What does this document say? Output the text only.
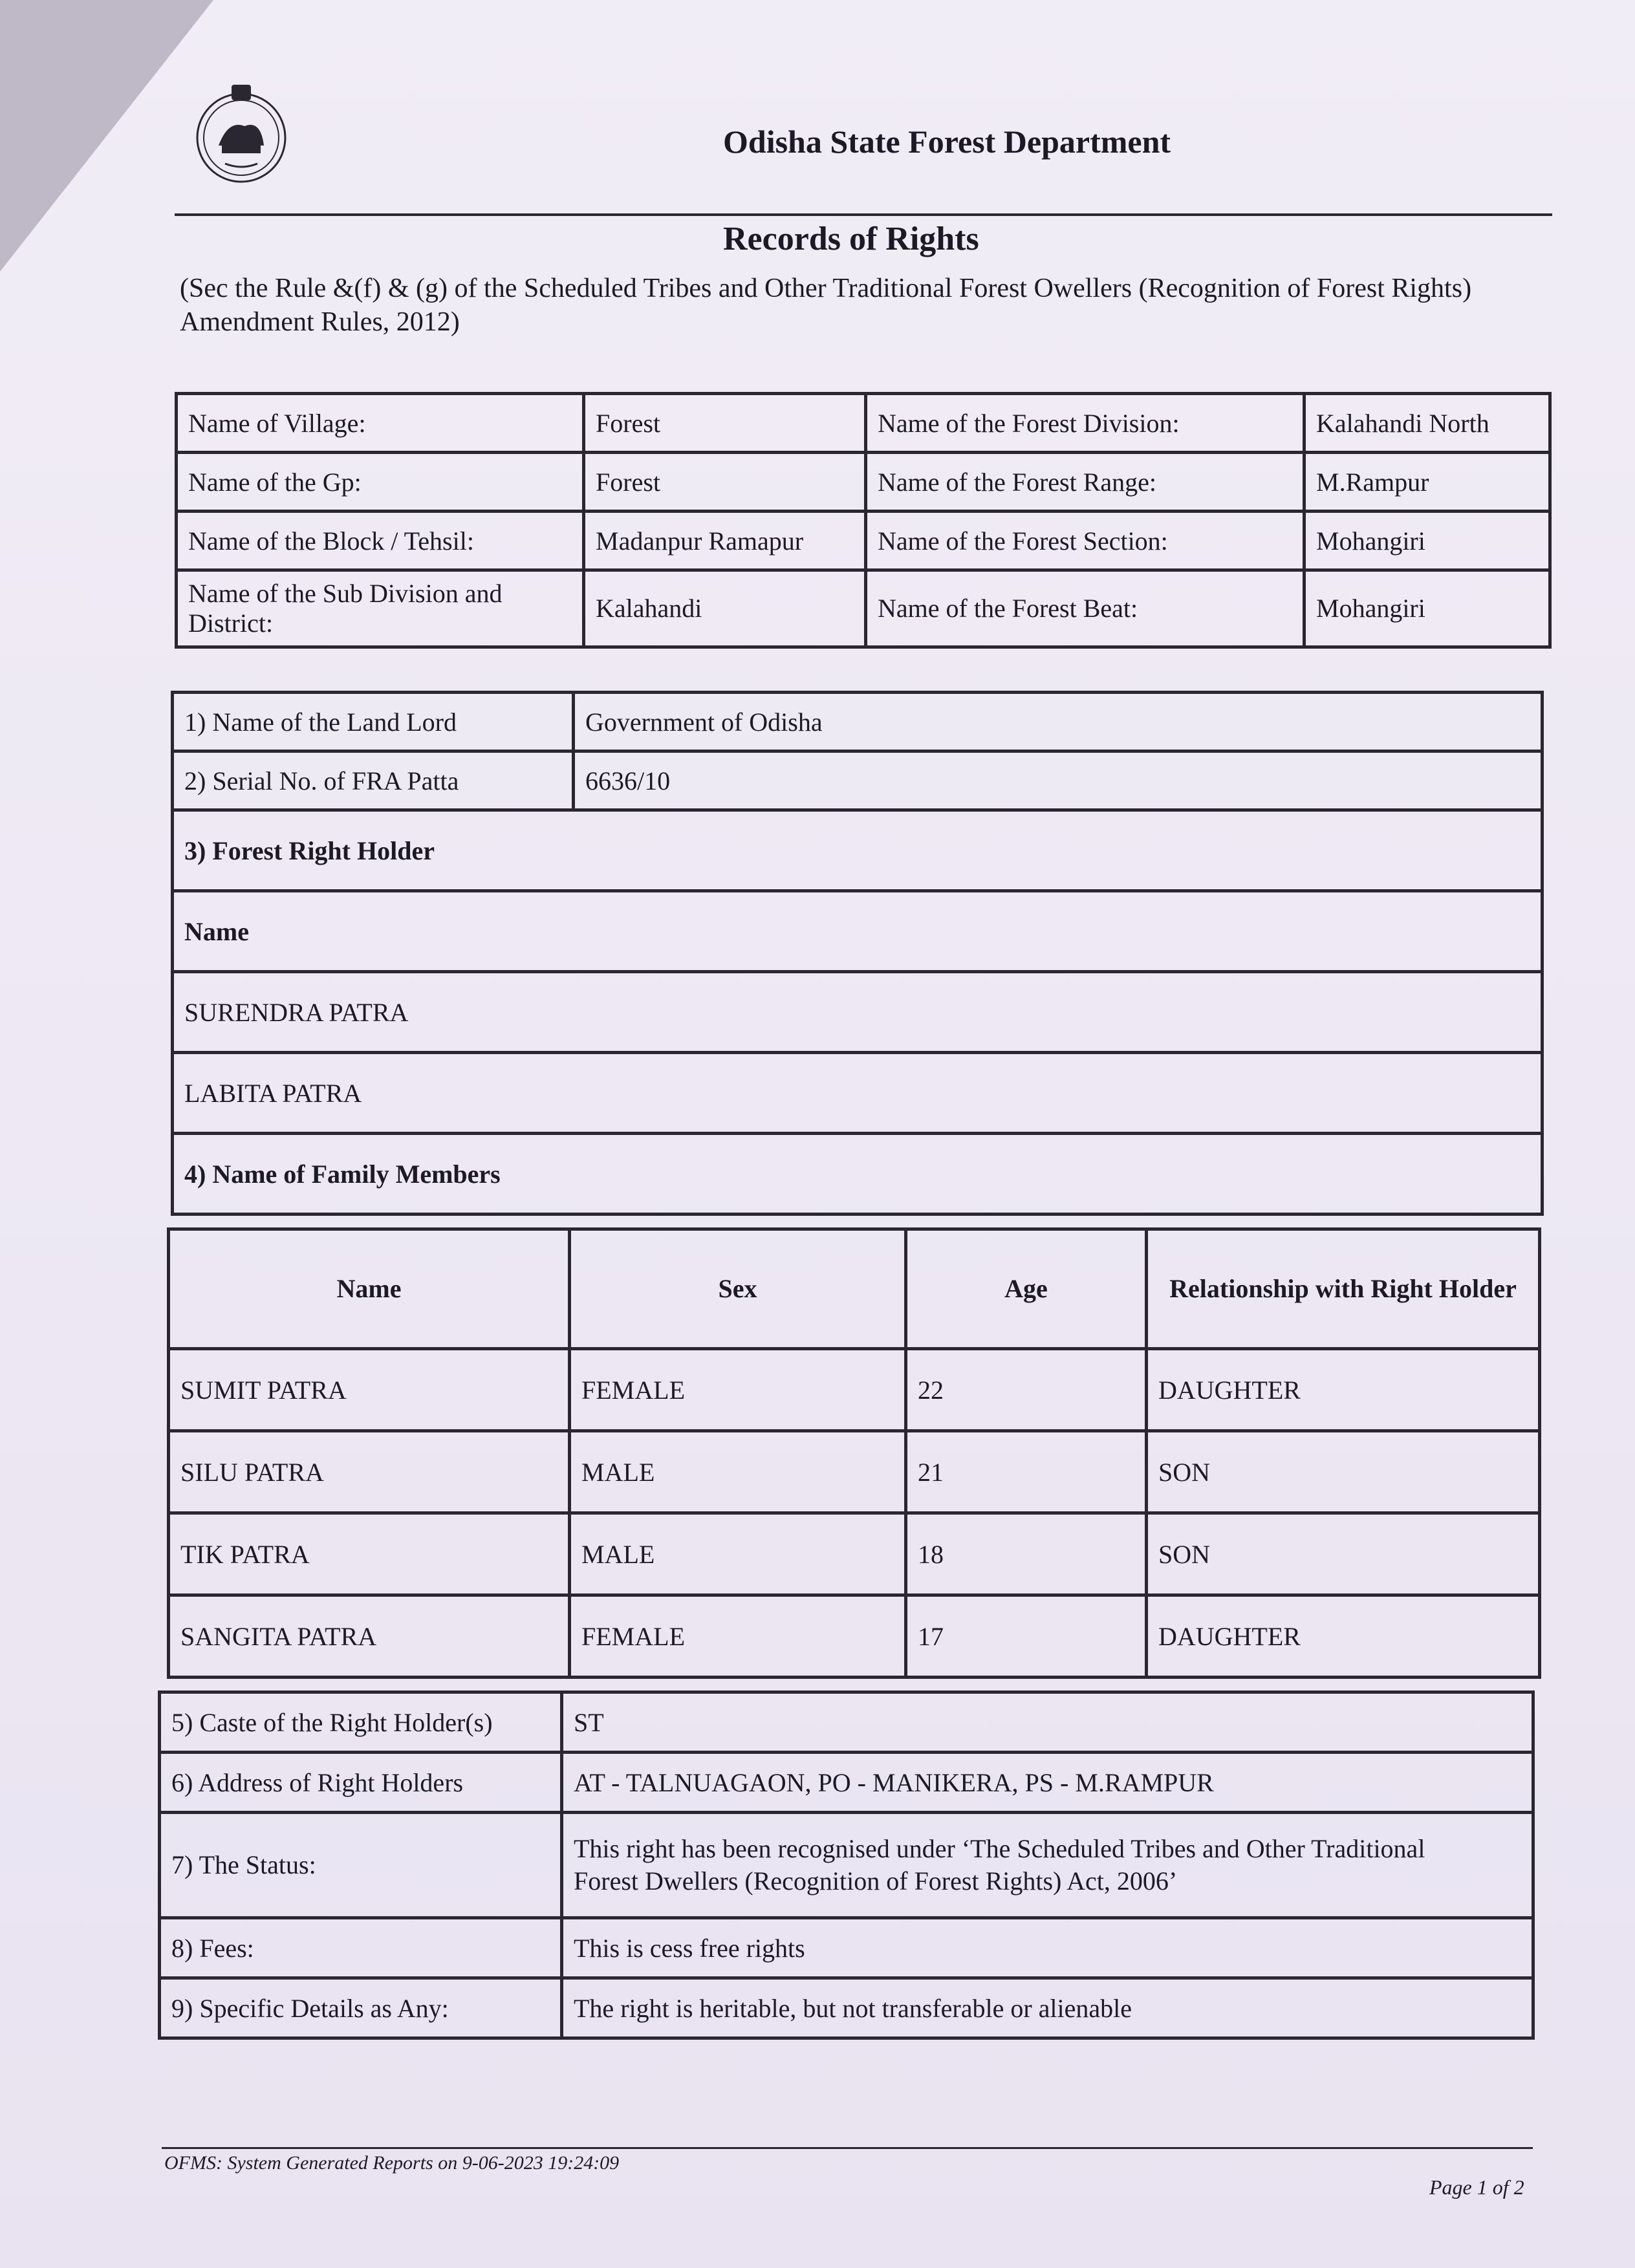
Odisha State Forest Department
Records of Rights
(Sec the Rule &(f) & (g) of the Scheduled Tribes and Other Traditional Forest Owellers (Recognition of Forest Rights) Amendment Rules, 2012)
Name of Village:	Forest	Name of the Forest Division:	Kalahandi North
Name of the Gp:	Forest	Name of the Forest Range:	M.Rampur
Name of the Block / Tehsil:	Madanpur Ramapur	Name of the Forest Section:	Mohangiri
Name of the Sub Division and District:	Kalahandi	Name of the Forest Beat:	Mohangiri
1) Name of the Land Lord	Government of Odisha
2) Serial No. of FRA Patta	6636/10
3) Forest Right Holder	
Name	
SURENDRA PATRA	
LABITA PATRA	
4) Name of Family Members	
Name	Sex	Age	Relationship with Right Holder
SUMIT PATRA	FEMALE	22	DAUGHTER
SILU PATRA	MALE	21	SON
TIK PATRA	MALE	18	SON
SANGITA PATRA	FEMALE	17	DAUGHTER
5) Caste of the Right Holder(s)	ST
6) Address of Right Holders	AT - TALNUAGAON, PO - MANIKERA, PS - M.RAMPUR
7) The Status:	This right has been recognised under ‘The Scheduled Tribes and Other Traditional
Forest Dwellers (Recognition of Forest Rights) Act, 2006’

8) Fees:	This is cess free rights
9) Specific Details as Any:	The right is heritable, but not transferable or alienable
OFMS: System Generated Reports on 9-06-2023 19:24:09
Page 1 of 2
